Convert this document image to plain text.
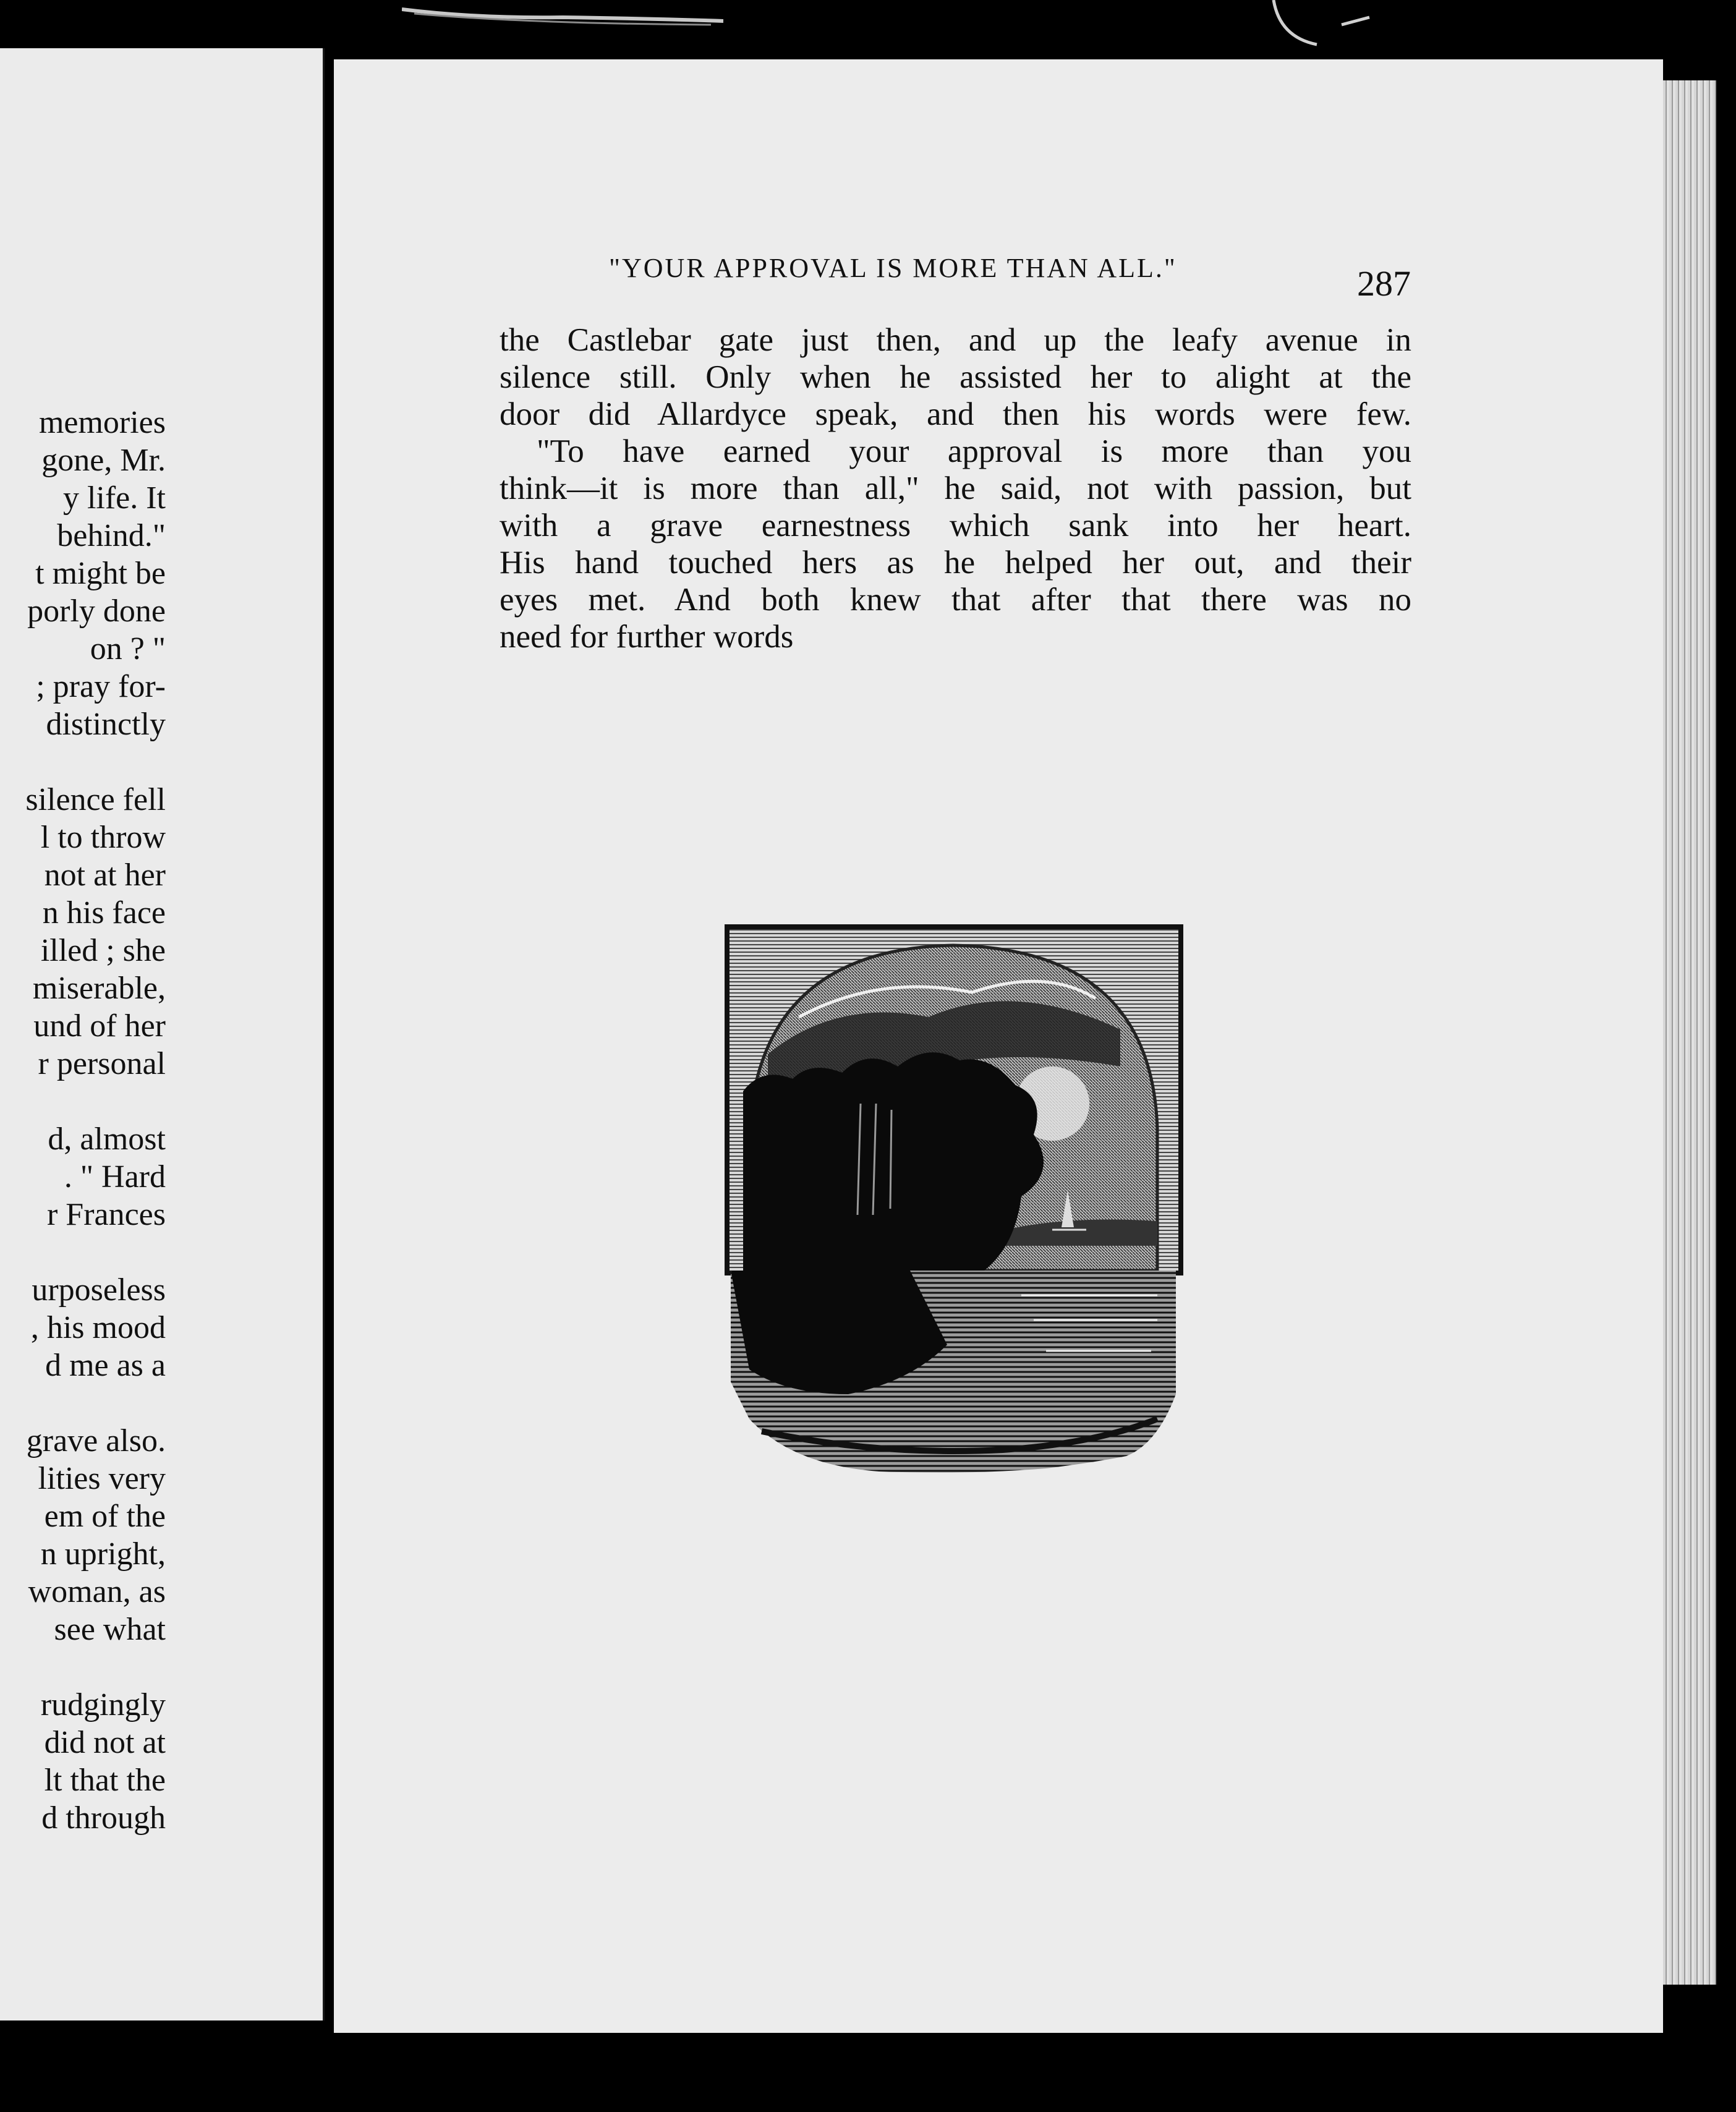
memories
gone, Mr.
y life. It
behind."
t might be
porly done
on ? "
; pray for-
distinctly
silence fell
l to throw
not at her
n his face
illed ; she
miserable,
und of her
r personal
d, almost
. " Hard
r Frances
urposeless
, his mood
d me as a
grave also.
lities very
em of the
n upright,
woman, as
see what
rudgingly
did not at
lt that the
d through
"YOUR APPROVAL IS MORE THAN ALL."	287
the Castlebar gate just then, and up the leafy avenue in
silence still. Only when he assisted her to alight at the
door did Allardyce speak, and then his words were few.
"To have earned your approval is more than you
think—it is more than all," he said, not with passion, but
with a grave earnestness which sank into her heart.
His hand touched hers as he helped her out, and their
eyes met. And both knew that after that there was no
need for further words
